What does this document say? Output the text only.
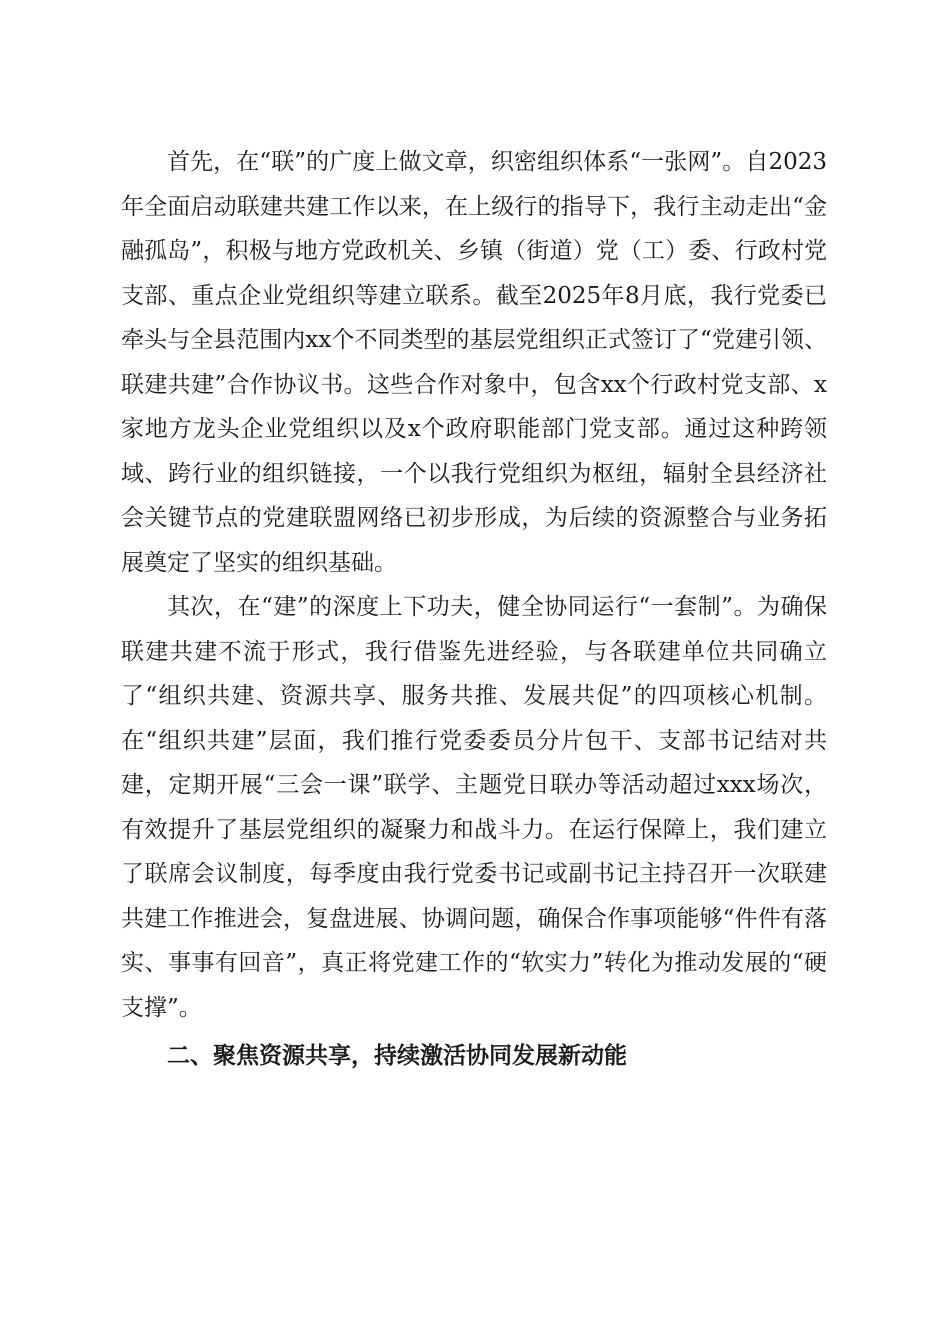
首先，在“联”的广度上做文章，织密组织体系“一张网”。自2023年全面启动联建共建工作以来，在上级行的指导下，我行主动走出“金融孤岛”，积极与地方党政机关、乡镇（街道）党（工）委、行政村党支部、重点企业党组织等建立联系。截至2025年8月底，我行党委已牵头与全县范围内xx个不同类型的基层党组织正式签订了“党建引领、联建共建”合作协议书。这些合作对象中，包含xx个行政村党支部、x家地方龙头企业党组织以及x个政府职能部门党支部。通过这种跨领域、跨行业的组织链接，一个以我行党组织为枢纽，辐射全县经济社会关键节点的党建联盟网络已初步形成，为后续的资源整合与业务拓展奠定了坚实的组织基础。

其次，在“建”的深度上下功夫，健全协同运行“一套制”。为确保联建共建不流于形式，我行借鉴先进经验，与各联建单位共同确立了“组织共建、资源共享、服务共推、发展共促”的四项核心机制。在“组织共建”层面，我们推行党委委员分片包干、支部书记结对共建，定期开展“三会一课”联学、主题党日联办等活动超过xxx场次，有效提升了基层党组织的凝聚力和战斗力。在运行保障上，我们建立了联席会议制度，每季度由我行党委书记或副书记主持召开一次联建共建工作推进会，复盘进展、协调问题，确保合作事项能够“件件有落实、事事有回音”，真正将党建工作的“软实力”转化为推动发展的“硬支撑”。

二、聚焦资源共享，持续激活协同发展新动能
